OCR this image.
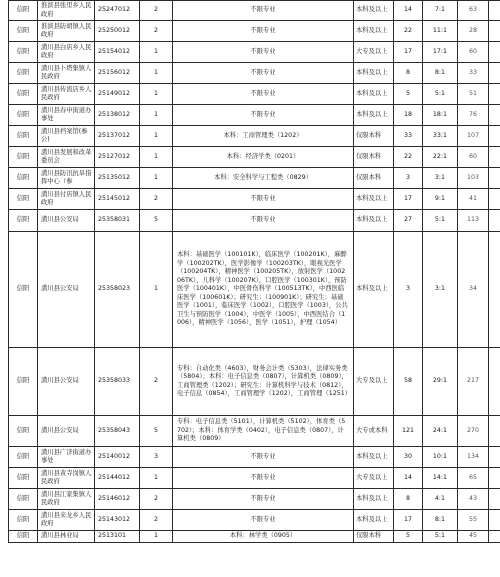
信阳	淮滨县张里乡人民政府	25247012	2	不限专业	本科及以上	14	7:1	63	
信阳	淮滨县防胡镇人民政府	25250012	2	不限专业	本科及以上	22	11:1	28	
信阳	潢川县白店乡人民政府	25154012	1	不限专业	大专及以上	17	17:1	60	
信阳	潢川县卜塔集镇人民政府	25156012	1	不限专业	本科及以上	8	8:1	33	
信阳	潢川县传流店乡人民政府	25149012	1	不限专业	本科及以上	5	5:1	51	
信阳	潢川县春申街道办事处	25138012	1	不限专业	本科及以上	18	18:1	76	
信阳	潢川县档案馆(参公)	25137012	1	本科：工商管理类（1202）	仅限本科	33	33:1	107	
信阳	潢川县发展和改革委员会	25127012	1	本科：经济学类（0201）	仅限本科	22	22:1	60	
信阳	潢川县防汛抗旱指挥中心（参	25135012	1	本科：安全科学与工程类（0829）	仅限本科	3	3:1	103	
信阳	潢川县付店镇人民政府	25145012	2	不限专业	本科及以上	17	9:1	41	
信阳	潢川县公安局	25358031	5	不限专业	本科及以上	27	5:1	113	
信阳	潢川县公安局	25358023	1	本科：基础医学（100101K），临床医学（100201K），麻醉学（100202TK），医学影像学（100203TK），眼视光医学（100204TK），精神医学（100205TK），放射医学（100206TK），儿科学（100207K），口腔医学（100301K），预防医学（100401K），中医骨伤科学（100513TK），中西医临床医学（100601K）；研究生：（100901K）；研究生：基础医学（1001），临床医学（1002），口腔医学（1003），公共卫生与预防医学（1004），中医学（1005），中西医结合（1006），精神医学（1056），医学（1051），护理（1054）	本科及以上	3	3:1	34	
信阳	潢川县公安局	25358033	2	专科：自动化类（4603），财务会计类（5303），法律实务类（5804）；本科：电子信息类（0807），计算机类（0809），工商管理类（1202）；研究生：计算机科学与技术（0812），电子信息（0854），工商管理学（1202），工商管理（1251）	大专及以上	58	29:1	217	
信阳	潢川县公安局	25358043	5	专科：电子信息类（5101），计算机类（5102），体育类（5702）；本科：体育学类（0402），电子信息类（0807），计算机类（0809）	大专或本科	121	24:1	270	
信阳	潢川县广济街道办事处	25140012	3	不限专业	本科及以上	30	10:1	134	
信阳	潢川县黄寺岗镇人民政府	25144012	1	不限专业	大专及以上	14	14:1	65	
信阳	潢川县江家集镇人民政府	25146012	2	不限专业	本科及以上	8	4:1	43	
信阳	潢川县来龙乡人民政府	25143012	2	不限专业	本科及以上	17	8:1	55	
信阳	潢川县林业局	2513101	1	本科：林学类（0905）	仅限本科	5	5:1	45	
